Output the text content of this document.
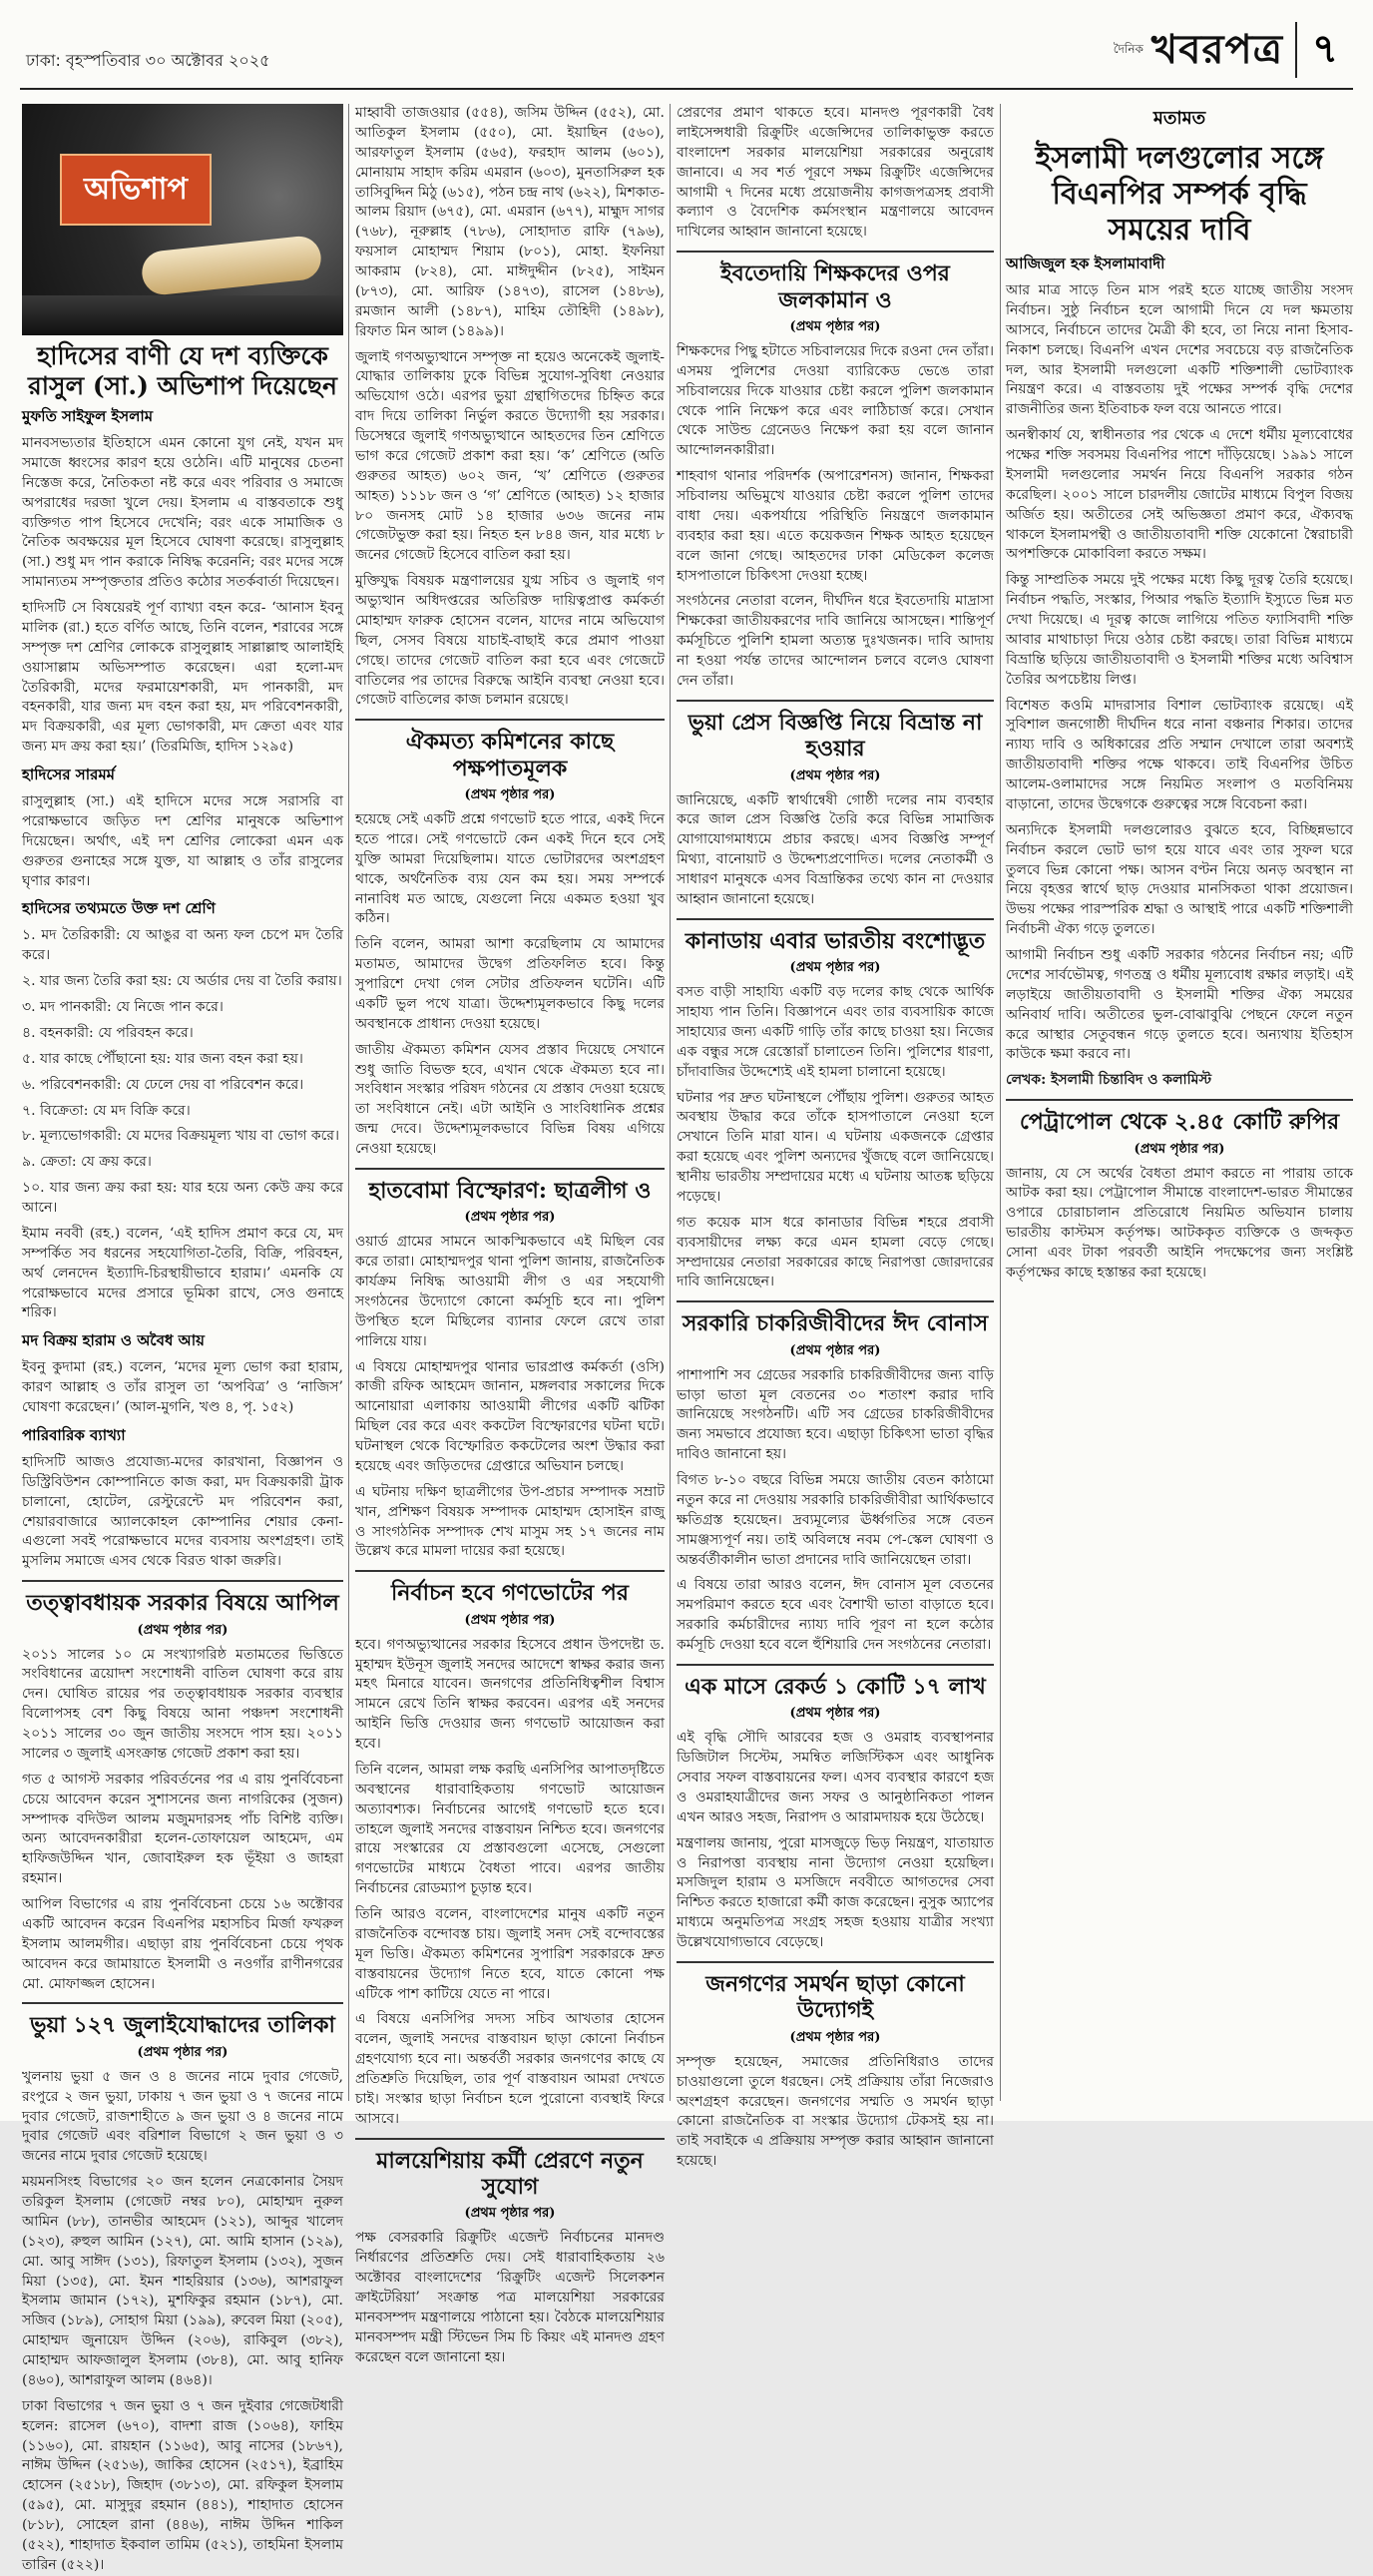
ঢাকা: বৃহস্পতিবার ৩০ অক্টোবর ২০২৫
দৈনিক খবরপত্র ৭
অভিশাপ
হাদিসের বাণী যে দশ ব্যক্তিকে রাসুল (সা.) অভিশাপ দিয়েছেন
মুফতি সাইফুল ইসলাম

মানবসভ্যতার ইতিহাসে এমন কোনো যুগ নেই, যখন মদ সমাজে ধ্বংসের কারণ হয়ে ওঠেনি। এটি মানুষের চেতনা নিস্তেজ করে, নৈতিকতা নষ্ট করে এবং পরিবার ও সমাজে অপরাধের দরজা খুলে দেয়। ইসলাম এ বাস্তবতাকে শুধু ব্যক্তিগত পাপ হিসেবে দেখেনি; বরং একে সামাজিক ও নৈতিক অবক্ষয়ের মূল হিসেবে ঘোষণা করেছে। রাসুলুল্লাহ (সা.) শুধু মদ পান করাকে নিষিদ্ধ করেননি; বরং মদের সঙ্গে সামান্যতম সম্পৃক্ততার প্রতিও কঠোর সতর্কবার্তা দিয়েছেন।

হাদিসটি সে বিষয়েরই পূর্ণ ব্যাখ্যা বহন করে- ‘আনাস ইবনু মালিক (রা.) হতে বর্ণিত আছে, তিনি বলেন, শরাবের সঙ্গে সম্পৃক্ত দশ শ্রেণির লোককে রাসুলুল্লাহ সাল্লাল্লাহু আলাইহি ওয়াসাল্লাম অভিসম্পাত করেছেন। এরা হলো-মদ তৈরিকারী, মদের ফরমায়েশকারী, মদ পানকারী, মদ বহনকারী, যার জন্য মদ বহন করা হয়, মদ পরিবেশনকারী, মদ বিক্রয়কারী, এর মূল্য ভোগকারী, মদ ক্রেতা এবং যার জন্য মদ ক্রয় করা হয়।’ (তিরমিজি, হাদিস ১২৯৫)

হাদিসের সারমর্ম

রাসুলুল্লাহ (সা.) এই হাদিসে মদের সঙ্গে সরাসরি বা পরোক্ষভাবে জড়িত দশ শ্রেণির মানুষকে অভিশাপ দিয়েছেন। অর্থাৎ, এই দশ শ্রেণির লোকেরা এমন এক গুরুতর গুনাহের সঙ্গে যুক্ত, যা আল্লাহ ও তাঁর রাসুলের ঘৃণার কারণ।

হাদিসের তথ্যমতে উক্ত দশ শ্রেণি
১. মদ তৈরিকারী: যে আঙুর বা অন্য ফল চেপে মদ তৈরি করে।
২. যার জন্য তৈরি করা হয়: যে অর্ডার দেয় বা তৈরি করায়।
৩. মদ পানকারী: যে নিজে পান করে।
৪. বহনকারী: যে পরিবহন করে।
৫. যার কাছে পৌঁছানো হয়: যার জন্য বহন করা হয়।
৬. পরিবেশনকারী: যে ঢেলে দেয় বা পরিবেশন করে।
৭. বিক্রেতা: যে মদ বিক্রি করে।
৮. মূল্যভোগকারী: যে মদের বিক্রয়মূল্য খায় বা ভোগ করে।
৯. ক্রেতা: যে ক্রয় করে।
১০. যার জন্য ক্রয় করা হয়: যার হয়ে অন্য কেউ ক্রয় করে আনে।

ইমাম নববী (রহ.) বলেন, ‘এই হাদিস প্রমাণ করে যে, মদ সম্পর্কিত সব ধরনের সহযোগিতা-তৈরি, বিক্রি, পরিবহন, অর্থ লেনদেন ইত্যাদি-চিরস্থায়ীভাবে হারাম।’ এমনকি যে পরোক্ষভাবে মদের প্রসারে ভূমিকা রাখে, সেও গুনাহে শরিক।

মদ বিক্রয় হারাম ও অবৈধ আয়

ইবনু কুদামা (রহ.) বলেন, ‘মদের মূল্য ভোগ করা হারাম, কারণ আল্লাহ ও তাঁর রাসুল তা ‘অপবিত্র’ ও ‘নাজিস’ ঘোষণা করেছেন।’ (আল-মুগনি, খণ্ড ৪, পৃ. ১৫২)

পারিবারিক ব্যাখ্যা

হাদিসটি আজও প্রযোজ্য-মদের কারখানা, বিজ্ঞাপন ও ডিস্ট্রিবিউশন কোম্পানিতে কাজ করা, মদ বিক্রয়কারী ট্রাক চালানো, হোটেল, রেস্টুরেন্টে মদ পরিবেশন করা, শেয়ারবাজারে অ্যালকোহল কোম্পানির শেয়ার কেনা-এগুলো সবই পরোক্ষভাবে মদের ব্যবসায় অংশগ্রহণ। তাই মুসলিম সমাজে এসব থেকে বিরত থাকা জরুরি।

তত্ত্বাবধায়ক সরকার বিষয়ে আপিল
(প্রথম পৃষ্ঠার পর)

২০১১ সালের ১০ মে সংখ্যাগরিষ্ঠ মতামতের ভিত্তিতে সংবিধানের ত্রয়োদশ সংশোধনী বাতিল ঘোষণা করে রায় দেন। ঘোষিত রায়ের পর তত্ত্বাবধায়ক সরকার ব্যবস্থার বিলোপসহ বেশ কিছু বিষয়ে আনা পঞ্চদশ সংশোধনী ২০১১ সালের ৩০ জুন জাতীয় সংসদে পাস হয়। ২০১১ সালের ৩ জুলাই এসংক্রান্ত গেজেট প্রকাশ করা হয়।

গত ৫ আগস্ট সরকার পরিবর্তনের পর এ রায় পুনর্বিবেচনা চেয়ে আবেদন করেন সুশাসনের জন্য নাগরিকের (সুজন) সম্পাদক বদিউল আলম মজুমদারসহ পাঁচ বিশিষ্ট ব্যক্তি। অন্য আবেদনকারীরা হলেন-তোফায়েল আহমেদ, এম হাফিজউদ্দিন খান, জোবাইরুল হক ভূঁইয়া ও জাহরা রহমান।

আপিল বিভাগের এ রায় পুনর্বিবেচনা চেয়ে ১৬ অক্টোবর একটি আবেদন করেন বিএনপির মহাসচিব মির্জা ফখরুল ইসলাম আলমগীর। এছাড়া রায় পুনর্বিবেচনা চেয়ে পৃথক আবেদন করে জামায়াতে ইসলামী ও নওগাঁর রাণীনগরের মো. মোফাজ্জল হোসেন।

ভুয়া ১২৭ জুলাইযোদ্ধাদের তালিকা
(প্রথম পৃষ্ঠার পর)

খুলনায় ভুয়া ৫ জন ও ৪ জনের নামে দুবার গেজেট, রংপুরে ২ জন ভুয়া, ঢাকায় ৭ জন ভুয়া ও ৭ জনের নামে দুবার গেজেট, রাজশাহীতে ৯ জন ভুয়া ও ৪ জনের নামে দুবার গেজেট এবং বরিশাল বিভাগে ২ জন ভুয়া ও ৩ জনের নামে দুবার গেজেট হয়েছে।

ময়মনসিংহ বিভাগের ২০ জন হলেন নেত্রকোনার সৈয়দ তরিকুল ইসলাম (গেজেট নম্বর ৮০), মোহাম্মদ নুরুল আমিন (৮৮), তানভীর আহমেদ (১২১), আব্দুর খালেদ (১২৩), রুহুল আমিন (১২৭), মো. আমি হাসান (১২৯), মো. আবু সাঈদ (১৩১), রিফাতুল ইসলাম (১৩২), সুজন মিয়া (১৩৫), মো. ইমন শাহরিয়ার (১৩৬), আশরাফুল ইসলাম জামান (১৭২), মুশফিকুর রহমান (১৮৭), মো. সজিব (১৮৯), সোহাগ মিয়া (১৯৯), রুবেল মিয়া (২০৫), মোহাম্মদ জুনায়েদ উদ্দিন (২০৬), রাকিবুল (৩৮২), মোহাম্মদ আফজালুল ইসলাম (৩৮৪), মো. আবু হানিফ (৪৬০), আশরাফুল আলম (৪৬৪)।

ঢাকা বিভাগের ৭ জন ভুয়া ও ৭ জন দুইবার গেজেটধারী হলেন: রাসেল (৬৭০), বাদশা রাজ (১০৬৪), ফাহিম (১১৬০), মো. রায়হান (১১৬৫), আবু নাসের (১৮৬৭), নাঈম উদ্দিন (২৫১৬), জাকির হোসেন (২৫১৭), ইব্রাহিম হোসেন (২৫১৮), জিহাদ (৩৮১৩), মো. রফিকুল ইসলাম (৫৯৫), মো. মাসুদুর রহমান (৪৪১), শাহাদাত হোসেন (৮১৮), সোহেল রানা (৪৪৬), নাঈম উদ্দিন শাকিল (৫২২), শাহাদাত ইকবাল তামিম (৫২১), তাহমিনা ইসলাম তারিন (৫২২)।

মাহ্বাবী তাজওয়ার (৫৫৪), জসিম উদ্দিন (৫৫২), মো. আতিকুল ইসলাম (৫৫০), মো. ইয়াছিন (৫৬০), আরফাতুল ইসলাম (৫৬৫), ফরহাদ আলম (৬০১), মোনায়াম সাহাদ করিম এমরান (৬০৩), মুনতাসিরুল হক তাসিবুদ্দিন মিঠু (৬১৫), পঠন চন্দ্র নাথ (৬২২), মিশকাত-আলম রিয়াদ (৬৭৫), মো. এমরান (৬৭৭), মাহ্মুদ সাগর (৭৬৮), নূরুল্লাহ (৭৮৬), সোহাদাত রাফি (৭৯৬), ফয়সাল মোহাম্মদ শিয়াম (৮০১), মোহা. ইফনিয়া আকরাম (৮২৪), মো. মাঈদুদ্দীন (৮২৫), সাইমন (৮৭৩), মো. আরিফ (১৪৭৩), রাসেল (১৪৮৬), রমজান আলী (১৪৮৭), মাহিম তৌহিদী (১৪৯৮), রিফাত মিন আল (১৪৯৯)।

জুলাই গণঅভ্যুত্থানে সম্পৃক্ত না হয়েও অনেকেই জুলাই-যোদ্ধার তালিকায় ঢুকে বিভিন্ন সুযোগ-সুবিধা নেওয়ার অভিযোগ ওঠে। এরপর ভুয়া গ্রন্থাগিতদের চিহ্নিত করে বাদ দিয়ে তালিকা নির্ভুল করতে উদ্যোগী হয় সরকার। ডিসেম্বরে জুলাই গণঅভ্যুত্থানে আহতদের তিন শ্রেণিতে ভাগ করে গেজেট প্রকাশ করা হয়। ‘ক’ শ্রেণিতে (অতি গুরুতর আহত) ৬০২ জন, ‘খ’ শ্রেণিতে (গুরুতর আহত) ১১১৮ জন ও ‘গ’ শ্রেণিতে (আহত) ১২ হাজার ৮০ জনসহ মোট ১৪ হাজার ৬৩৬ জনের নাম গেজেটভুক্ত করা হয়। নিহত হন ৮৪৪ জন, যার মধ্যে ৮ জনের গেজেট হিসেবে বাতিল করা হয়।

মুক্তিযুদ্ধ বিষয়ক মন্ত্রণালয়ের যুগ্ম সচিব ও জুলাই গণ অভ্যুত্থান অধিদপ্তরের অতিরিক্ত দায়িত্বপ্রাপ্ত কর্মকর্তা মোহাম্মদ ফারুক হোসেন বলেন, যাদের নামে অভিযোগ ছিল, সেসব বিষয়ে যাচাই-বাছাই করে প্রমাণ পাওয়া গেছে। তাদের গেজেট বাতিল করা হবে এবং গেজেটে বাতিলের পর তাদের বিরুদ্ধে আইনি ব্যবস্থা নেওয়া হবে। গেজেট বাতিলের কাজ চলমান রয়েছে।

ঐকমত্য কমিশনের কাছে পক্ষপাতমূলক
(প্রথম পৃষ্ঠার পর)

হয়েছে সেই একটি প্রশ্নে গণভোট হতে পারে, একই দিনে হতে পারে। সেই গণভোটে কেন একই দিনে হবে সেই যুক্তি আমরা দিয়েছিলাম। যাতে ভোটারদের অংশগ্রহণ থাকে, অর্থনৈতিক ব্যয় যেন কম হয়। সময় সম্পর্কে নানাবিধ মত আছে, যেগুলো নিয়ে একমত হওয়া খুব কঠিন।

তিনি বলেন, আমরা আশা করেছিলাম যে আমাদের মতামত, আমাদের উদ্বেগ প্রতিফলিত হবে। কিন্তু সুপারিশে দেখা গেল সেটার প্রতিফলন ঘটেনি। এটি একটি ভুল পথে যাত্রা। উদ্দেশ্যমূলকভাবে কিছু দলের অবস্থানকে প্রাধান্য দেওয়া হয়েছে।

জাতীয় ঐকমত্য কমিশন যেসব প্রস্তাব দিয়েছে সেখানে শুধু জাতি বিভক্ত হবে, এখান থেকে ঐকমত্য হবে না। সংবিধান সংস্কার পরিষদ গঠনের যে প্রস্তাব দেওয়া হয়েছে তা সংবিধানে নেই। এটা আইনি ও সাংবিধানিক প্রশ্নের জন্ম দেবে। উদ্দেশ্যমূলকভাবে বিভিন্ন বিষয় এগিয়ে নেওয়া হয়েছে।

হাতবোমা বিস্ফোরণ: ছাত্রলীগ ও
(প্রথম পৃষ্ঠার পর)

ওয়ার্ড গ্রামের সামনে আকস্মিকভাবে এই মিছিল বের করে তারা। মোহাম্মদপুর থানা পুলিশ জানায়, রাজনৈতিক কার্যক্রম নিষিদ্ধ আওয়ামী লীগ ও এর সহযোগী সংগঠনের উদ্যোগে কোনো কর্মসূচি হবে না। পুলিশ উপস্থিত হলে মিছিলের ব্যানার ফেলে রেখে তারা পালিয়ে যায়।

এ বিষয়ে মোহাম্মদপুর থানার ভারপ্রাপ্ত কর্মকর্তা (ওসি) কাজী রফিক আহমেদ জানান, মঙ্গলবার সকালের দিকে আনোয়ারা এলাকায় আওয়ামী লীগের একটি ঝটিকা মিছিল বের করে এবং ককটেল বিস্ফোরণের ঘটনা ঘটে। ঘটনাস্থল থেকে বিস্ফোরিত ককটেলের অংশ উদ্ধার করা হয়েছে এবং জড়িতদের গ্রেপ্তারে অভিযান চলছে।

এ ঘটনায় দক্ষিণ ছাত্রলীগের উপ-প্রচার সম্পাদক সম্রাট খান, প্রশিক্ষণ বিষয়ক সম্পাদক মোহাম্মদ হোসাইন রাজু ও সাংগঠনিক সম্পাদক শেখ মাসুম সহ ১৭ জনের নাম উল্লেখ করে মামলা দায়ের করা হয়েছে।

নির্বাচন হবে গণভোটের পর
(প্রথম পৃষ্ঠার পর)

হবে। গণঅভ্যুত্থানের সরকার হিসেবে প্রধান উপদেষ্টা ড. মুহাম্মদ ইউনূস জুলাই সনদের আদেশে স্বাক্ষর করার জন্য মহৎ মিনারে যাবেন। জনগণের প্রতিনিধিত্বশীল বিশ্বাস সামনে রেখে তিনি স্বাক্ষর করবেন। এরপর এই সনদের আইনি ভিত্তি দেওয়ার জন্য গণভোট আয়োজন করা হবে।

তিনি বলেন, আমরা লক্ষ করছি এনসিপির আপাতদৃষ্টিতে অবস্থানের ধারাবাহিকতায় গণভোট আয়োজন অত্যাবশ্যক। নির্বাচনের আগেই গণভোট হতে হবে। তাহলে জুলাই সনদের বাস্তবায়ন নিশ্চিত হবে। জনগণের রায়ে সংস্কারের যে প্রস্তাবগুলো এসেছে, সেগুলো গণভোটের মাধ্যমে বৈধতা পাবে। এরপর জাতীয় নির্বাচনের রোডম্যাপ চূড়ান্ত হবে।

তিনি আরও বলেন, বাংলাদেশের মানুষ একটি নতুন রাজনৈতিক বন্দোবস্ত চায়। জুলাই সনদ সেই বন্দোবস্তের মূল ভিত্তি। ঐকমত্য কমিশনের সুপারিশ সরকারকে দ্রুত বাস্তবায়নের উদ্যোগ নিতে হবে, যাতে কোনো পক্ষ এটিকে পাশ কাটিয়ে যেতে না পারে।

এ বিষয়ে এনসিপির সদস্য সচিব আখতার হোসেন বলেন, জুলাই সনদের বাস্তবায়ন ছাড়া কোনো নির্বাচন গ্রহণযোগ্য হবে না। অন্তর্বর্তী সরকার জনগণের কাছে যে প্রতিশ্রুতি দিয়েছিল, তার পূর্ণ বাস্তবায়ন আমরা দেখতে চাই। সংস্কার ছাড়া নির্বাচন হলে পুরোনো ব্যবস্থাই ফিরে আসবে।

মালয়েশিয়ায় কর্মী প্রেরণে নতুন সুযোগ
(প্রথম পৃষ্ঠার পর)

পক্ষ বেসরকারি রিক্রুটিং এজেন্ট নির্বাচনের মানদণ্ড নির্ধারণের প্রতিশ্রুতি দেয়। সেই ধারাবাহিকতায় ২৬ অক্টোবর বাংলাদেশের ‘রিক্রুটিং এজেন্ট সিলেকশন ক্রাইটেরিয়া’ সংক্রান্ত পত্র মালয়েশিয়া সরকারের মানবসম্পদ মন্ত্রণালয়ে পাঠানো হয়। বৈঠকে মালয়েশিয়ার মানবসম্পদ মন্ত্রী স্টিভেন সিম চি কিয়ং এই মানদণ্ড গ্রহণ করেছেন বলে জানানো হয়।

প্রেরণের প্রমাণ থাকতে হবে। মানদণ্ড পূরণকারী বৈধ লাইসেন্সধারী রিক্রুটিং এজেন্সিদের তালিকাভুক্ত করতে বাংলাদেশ সরকার মালয়েশিয়া সরকারের অনুরোধ জানাবে। এ সব শর্ত পূরণে সক্ষম রিক্রুটিং এজেন্সিদের আগামী ৭ দিনের মধ্যে প্রয়োজনীয় কাগজপত্রসহ প্রবাসী কল্যাণ ও বৈদেশিক কর্মসংস্থান মন্ত্রণালয়ে আবেদন দাখিলের আহ্বান জানানো হয়েছে।

ইবতেদায়ি শিক্ষকদের ওপর জলকামান ও
(প্রথম পৃষ্ঠার পর)

শিক্ষকদের পিছু হটাতে সচিবালয়ের দিকে রওনা দেন তাঁরা। এসময় পুলিশের দেওয়া ব্যারিকেড ভেঙে তারা সচিবালয়ের দিকে যাওয়ার চেষ্টা করলে পুলিশ জলকামান থেকে পানি নিক্ষেপ করে এবং লাঠিচার্জ করে। সেখান থেকে সাউন্ড গ্রেনেডও নিক্ষেপ করা হয় বলে জানান আন্দোলনকারীরা।

শাহবাগ থানার পরিদর্শক (অপারেশনস) জানান, শিক্ষকরা সচিবালয় অভিমুখে যাওয়ার চেষ্টা করলে পুলিশ তাদের বাধা দেয়। একপর্যায়ে পরিস্থিতি নিয়ন্ত্রণে জলকামান ব্যবহার করা হয়। এতে কয়েকজন শিক্ষক আহত হয়েছেন বলে জানা গেছে। আহতদের ঢাকা মেডিকেল কলেজ হাসপাতালে চিকিৎসা দেওয়া হচ্ছে।

সংগঠনের নেতারা বলেন, দীর্ঘদিন ধরে ইবতেদায়ি মাদ্রাসা শিক্ষকেরা জাতীয়করণের দাবি জানিয়ে আসছেন। শান্তিপূর্ণ কর্মসূচিতে পুলিশি হামলা অত্যন্ত দুঃখজনক। দাবি আদায় না হওয়া পর্যন্ত তাদের আন্দোলন চলবে বলেও ঘোষণা দেন তাঁরা।

ভুয়া প্রেস বিজ্ঞপ্তি নিয়ে বিভ্রান্ত না হওয়ার
(প্রথম পৃষ্ঠার পর)

জানিয়েছে, একটি স্বার্থান্বেষী গোষ্ঠী দলের নাম ব্যবহার করে জাল প্রেস বিজ্ঞপ্তি তৈরি করে বিভিন্ন সামাজিক যোগাযোগমাধ্যমে প্রচার করছে। এসব বিজ্ঞপ্তি সম্পূর্ণ মিথ্যা, বানোয়াট ও উদ্দেশ্যপ্রণোদিত। দলের নেতাকর্মী ও সাধারণ মানুষকে এসব বিভ্রান্তিকর তথ্যে কান না দেওয়ার আহ্বান জানানো হয়েছে।

কানাডায় এবার ভারতীয় বংশোদ্ভূত
(প্রথম পৃষ্ঠার পর)

বসত বাড়ী সাহায্যি একটি বড় দলের কাছ থেকে আর্থিক সাহায্য পান তিনি। বিজ্ঞাপনে এবং তার ব্যবসায়িক কাজে সাহায্যের জন্য একটি গাড়ি তাঁর কাছে চাওয়া হয়। নিজের এক বন্ধুর সঙ্গে রেস্তোরাঁ চালাতেন তিনি। পুলিশের ধারণা, চাঁদাবাজির উদ্দেশ্যেই এই হামলা চালানো হয়েছে।

ঘটনার পর দ্রুত ঘটনাস্থলে পৌঁছায় পুলিশ। গুরুতর আহত অবস্থায় উদ্ধার করে তাঁকে হাসপাতালে নেওয়া হলে সেখানে তিনি মারা যান। এ ঘটনায় একজনকে গ্রেপ্তার করা হয়েছে এবং পুলিশ অন্যদের খুঁজছে বলে জানিয়েছে। স্থানীয় ভারতীয় সম্প্রদায়ের মধ্যে এ ঘটনায় আতঙ্ক ছড়িয়ে পড়েছে।

গত কয়েক মাস ধরে কানাডার বিভিন্ন শহরে প্রবাসী ব্যবসায়ীদের লক্ষ্য করে এমন হামলা বেড়ে গেছে। সম্প্রদায়ের নেতারা সরকারের কাছে নিরাপত্তা জোরদারের দাবি জানিয়েছেন।

সরকারি চাকরিজীবীদের ঈদ বোনাস
(প্রথম পৃষ্ঠার পর)

পাশাপাশি সব গ্রেডের সরকারি চাকরিজীবীদের জন্য বাড়ি ভাড়া ভাতা মূল বেতনের ৩০ শতাংশ করার দাবি জানিয়েছে সংগঠনটি। এটি সব গ্রেডের চাকরিজীবীদের জন্য সমভাবে প্রযোজ্য হবে। এছাড়া চিকিৎসা ভাতা বৃদ্ধির দাবিও জানানো হয়।

বিগত ৮-১০ বছরে বিভিন্ন সময়ে জাতীয় বেতন কাঠামো নতুন করে না দেওয়ায় সরকারি চাকরিজীবীরা আর্থিকভাবে ক্ষতিগ্রস্ত হয়েছেন। দ্রব্যমূল্যের ঊর্ধ্বগতির সঙ্গে বেতন সামঞ্জস্যপূর্ণ নয়। তাই অবিলম্বে নবম পে-স্কেল ঘোষণা ও অন্তর্বর্তীকালীন ভাতা প্রদানের দাবি জানিয়েছেন তারা।

এ বিষয়ে তারা আরও বলেন, ঈদ বোনাস মূল বেতনের সমপরিমাণ করতে হবে এবং বৈশাখী ভাতা বাড়াতে হবে। সরকারি কর্মচারীদের ন্যায্য দাবি পূরণ না হলে কঠোর কর্মসূচি দেওয়া হবে বলে হুঁশিয়ারি দেন সংগঠনের নেতারা।

এক মাসে রেকর্ড ১ কোটি ১৭ লাখ
(প্রথম পৃষ্ঠার পর)

এই বৃদ্ধি সৌদি আরবের হজ ও ওমরাহ ব্যবস্থাপনার ডিজিটাল সিস্টেম, সমন্বিত লজিস্টিকস এবং আধুনিক সেবার সফল বাস্তবায়নের ফল। এসব ব্যবস্থার কারণে হজ ও ওমরাহযাত্রীদের জন্য সফর ও আনুষ্ঠানিকতা পালন এখন আরও সহজ, নিরাপদ ও আরামদায়ক হয়ে উঠেছে।

মন্ত্রণালয় জানায়, পুরো মাসজুড়ে ভিড় নিয়ন্ত্রণ, যাতায়াত ও নিরাপত্তা ব্যবস্থায় নানা উদ্যোগ নেওয়া হয়েছিল। মসজিদুল হারাম ও মসজিদে নববীতে আগতদের সেবা নিশ্চিত করতে হাজারো কর্মী কাজ করেছেন। নুসুক অ্যাপের মাধ্যমে অনুমতিপত্র সংগ্রহ সহজ হওয়ায় যাত্রীর সংখ্যা উল্লেখযোগ্যভাবে বেড়েছে।

জনগণের সমর্থন ছাড়া কোনো উদ্যোগই
(প্রথম পৃষ্ঠার পর)

সম্পৃক্ত হয়েছেন, সমাজের প্রতিনিধিরাও তাদের চাওয়াগুলো তুলে ধরছেন। সেই প্রক্রিয়ায় তাঁরা নিজেরাও অংশগ্রহণ করেছেন। জনগণের সম্মতি ও সমর্থন ছাড়া কোনো রাজনৈতিক বা সংস্কার উদ্যোগ টেকসই হয় না। তাই সবাইকে এ প্রক্রিয়ায় সম্পৃক্ত করার আহ্বান জানানো হয়েছে।

মতামত
ইসলামী দলগুলোর সঙ্গে বিএনপির সম্পর্ক বৃদ্ধি সময়ের দাবি
আজিজুল হক ইসলামাবাদী

আর মাত্র সাড়ে তিন মাস পরই হতে যাচ্ছে জাতীয় সংসদ নির্বাচন। সুষ্ঠু নির্বাচন হলে আগামী দিনে যে দল ক্ষমতায় আসবে, নির্বাচনে তাদের মৈত্রী কী হবে, তা নিয়ে নানা হিসাব-নিকাশ চলছে। বিএনপি এখন দেশের সবচেয়ে বড় রাজনৈতিক দল, আর ইসলামী দলগুলো একটি শক্তিশালী ভোটব্যাংক নিয়ন্ত্রণ করে। এ বাস্তবতায় দুই পক্ষের সম্পর্ক বৃদ্ধি দেশের রাজনীতির জন্য ইতিবাচক ফল বয়ে আনতে পারে।

অনস্বীকার্য যে, স্বাধীনতার পর থেকে এ দেশে ধর্মীয় মূল্যবোধের পক্ষের শক্তি সবসময় বিএনপির পাশে দাঁড়িয়েছে। ১৯৯১ সালে ইসলামী দলগুলোর সমর্থন নিয়ে বিএনপি সরকার গঠন করেছিল। ২০০১ সালে চারদলীয় জোটের মাধ্যমে বিপুল বিজয় অর্জিত হয়। অতীতের সেই অভিজ্ঞতা প্রমাণ করে, ঐক্যবদ্ধ থাকলে ইসলামপন্থী ও জাতীয়তাবাদী শক্তি যেকোনো স্বৈরাচারী অপশক্তিকে মোকাবিলা করতে সক্ষম।

কিন্তু সাম্প্রতিক সময়ে দুই পক্ষের মধ্যে কিছু দূরত্ব তৈরি হয়েছে। নির্বাচন পদ্ধতি, সংস্কার, পিআর পদ্ধতি ইত্যাদি ইস্যুতে ভিন্ন মত দেখা দিয়েছে। এ দূরত্ব কাজে লাগিয়ে পতিত ফ্যাসিবাদী শক্তি আবার মাথাচাড়া দিয়ে ওঠার চেষ্টা করছে। তারা বিভিন্ন মাধ্যমে বিভ্রান্তি ছড়িয়ে জাতীয়তাবাদী ও ইসলামী শক্তির মধ্যে অবিশ্বাস তৈরির অপচেষ্টায় লিপ্ত।

বিশেষত কওমি মাদরাসার বিশাল ভোটব্যাংক রয়েছে। এই সুবিশাল জনগোষ্ঠী দীর্ঘদিন ধরে নানা বঞ্চনার শিকার। তাদের ন্যায্য দাবি ও অধিকারের প্রতি সম্মান দেখালে তারা অবশ্যই জাতীয়তাবাদী শক্তির পক্ষে থাকবে। তাই বিএনপির উচিত আলেম-ওলামাদের সঙ্গে নিয়মিত সংলাপ ও মতবিনিময় বাড়ানো, তাদের উদ্বেগকে গুরুত্বের সঙ্গে বিবেচনা করা।

অন্যদিকে ইসলামী দলগুলোরও বুঝতে হবে, বিচ্ছিন্নভাবে নির্বাচন করলে ভোট ভাগ হয়ে যাবে এবং তার সুফল ঘরে তুলবে ভিন্ন কোনো পক্ষ। আসন বণ্টন নিয়ে অনড় অবস্থান না নিয়ে বৃহত্তর স্বার্থে ছাড় দেওয়ার মানসিকতা থাকা প্রয়োজন। উভয় পক্ষের পারস্পরিক শ্রদ্ধা ও আস্থাই পারে একটি শক্তিশালী নির্বাচনী ঐক্য গড়ে তুলতে।

আগামী নির্বাচন শুধু একটি সরকার গঠনের নির্বাচন নয়; এটি দেশের সার্বভৌমত্ব, গণতন্ত্র ও ধর্মীয় মূল্যবোধ রক্ষার লড়াই। এই লড়াইয়ে জাতীয়তাবাদী ও ইসলামী শক্তির ঐক্য সময়ের অনিবার্য দাবি। অতীতের ভুল-বোঝাবুঝি পেছনে ফেলে নতুন করে আস্থার সেতুবন্ধন গড়ে তুলতে হবে। অন্যথায় ইতিহাস কাউকে ক্ষমা করবে না।

লেখক: ইসলামী চিন্তাবিদ ও কলামিস্ট

পেট্রাপোল থেকে ২.৪৫ কোটি রুপির
(প্রথম পৃষ্ঠার পর)

জানায়, যে সে অর্থের বৈধতা প্রমাণ করতে না পারায় তাকে আটক করা হয়। পেট্রাপোল সীমান্তে বাংলাদেশ-ভারত সীমান্তের ওপারে চোরাচালান প্রতিরোধে নিয়মিত অভিযান চালায় ভারতীয় কাস্টমস কর্তৃপক্ষ। আটককৃত ব্যক্তিকে ও জব্দকৃত সোনা এবং টাকা পরবর্তী আইনি পদক্ষেপের জন্য সংশ্লিষ্ট কর্তৃপক্ষের কাছে হস্তান্তর করা হয়েছে।
